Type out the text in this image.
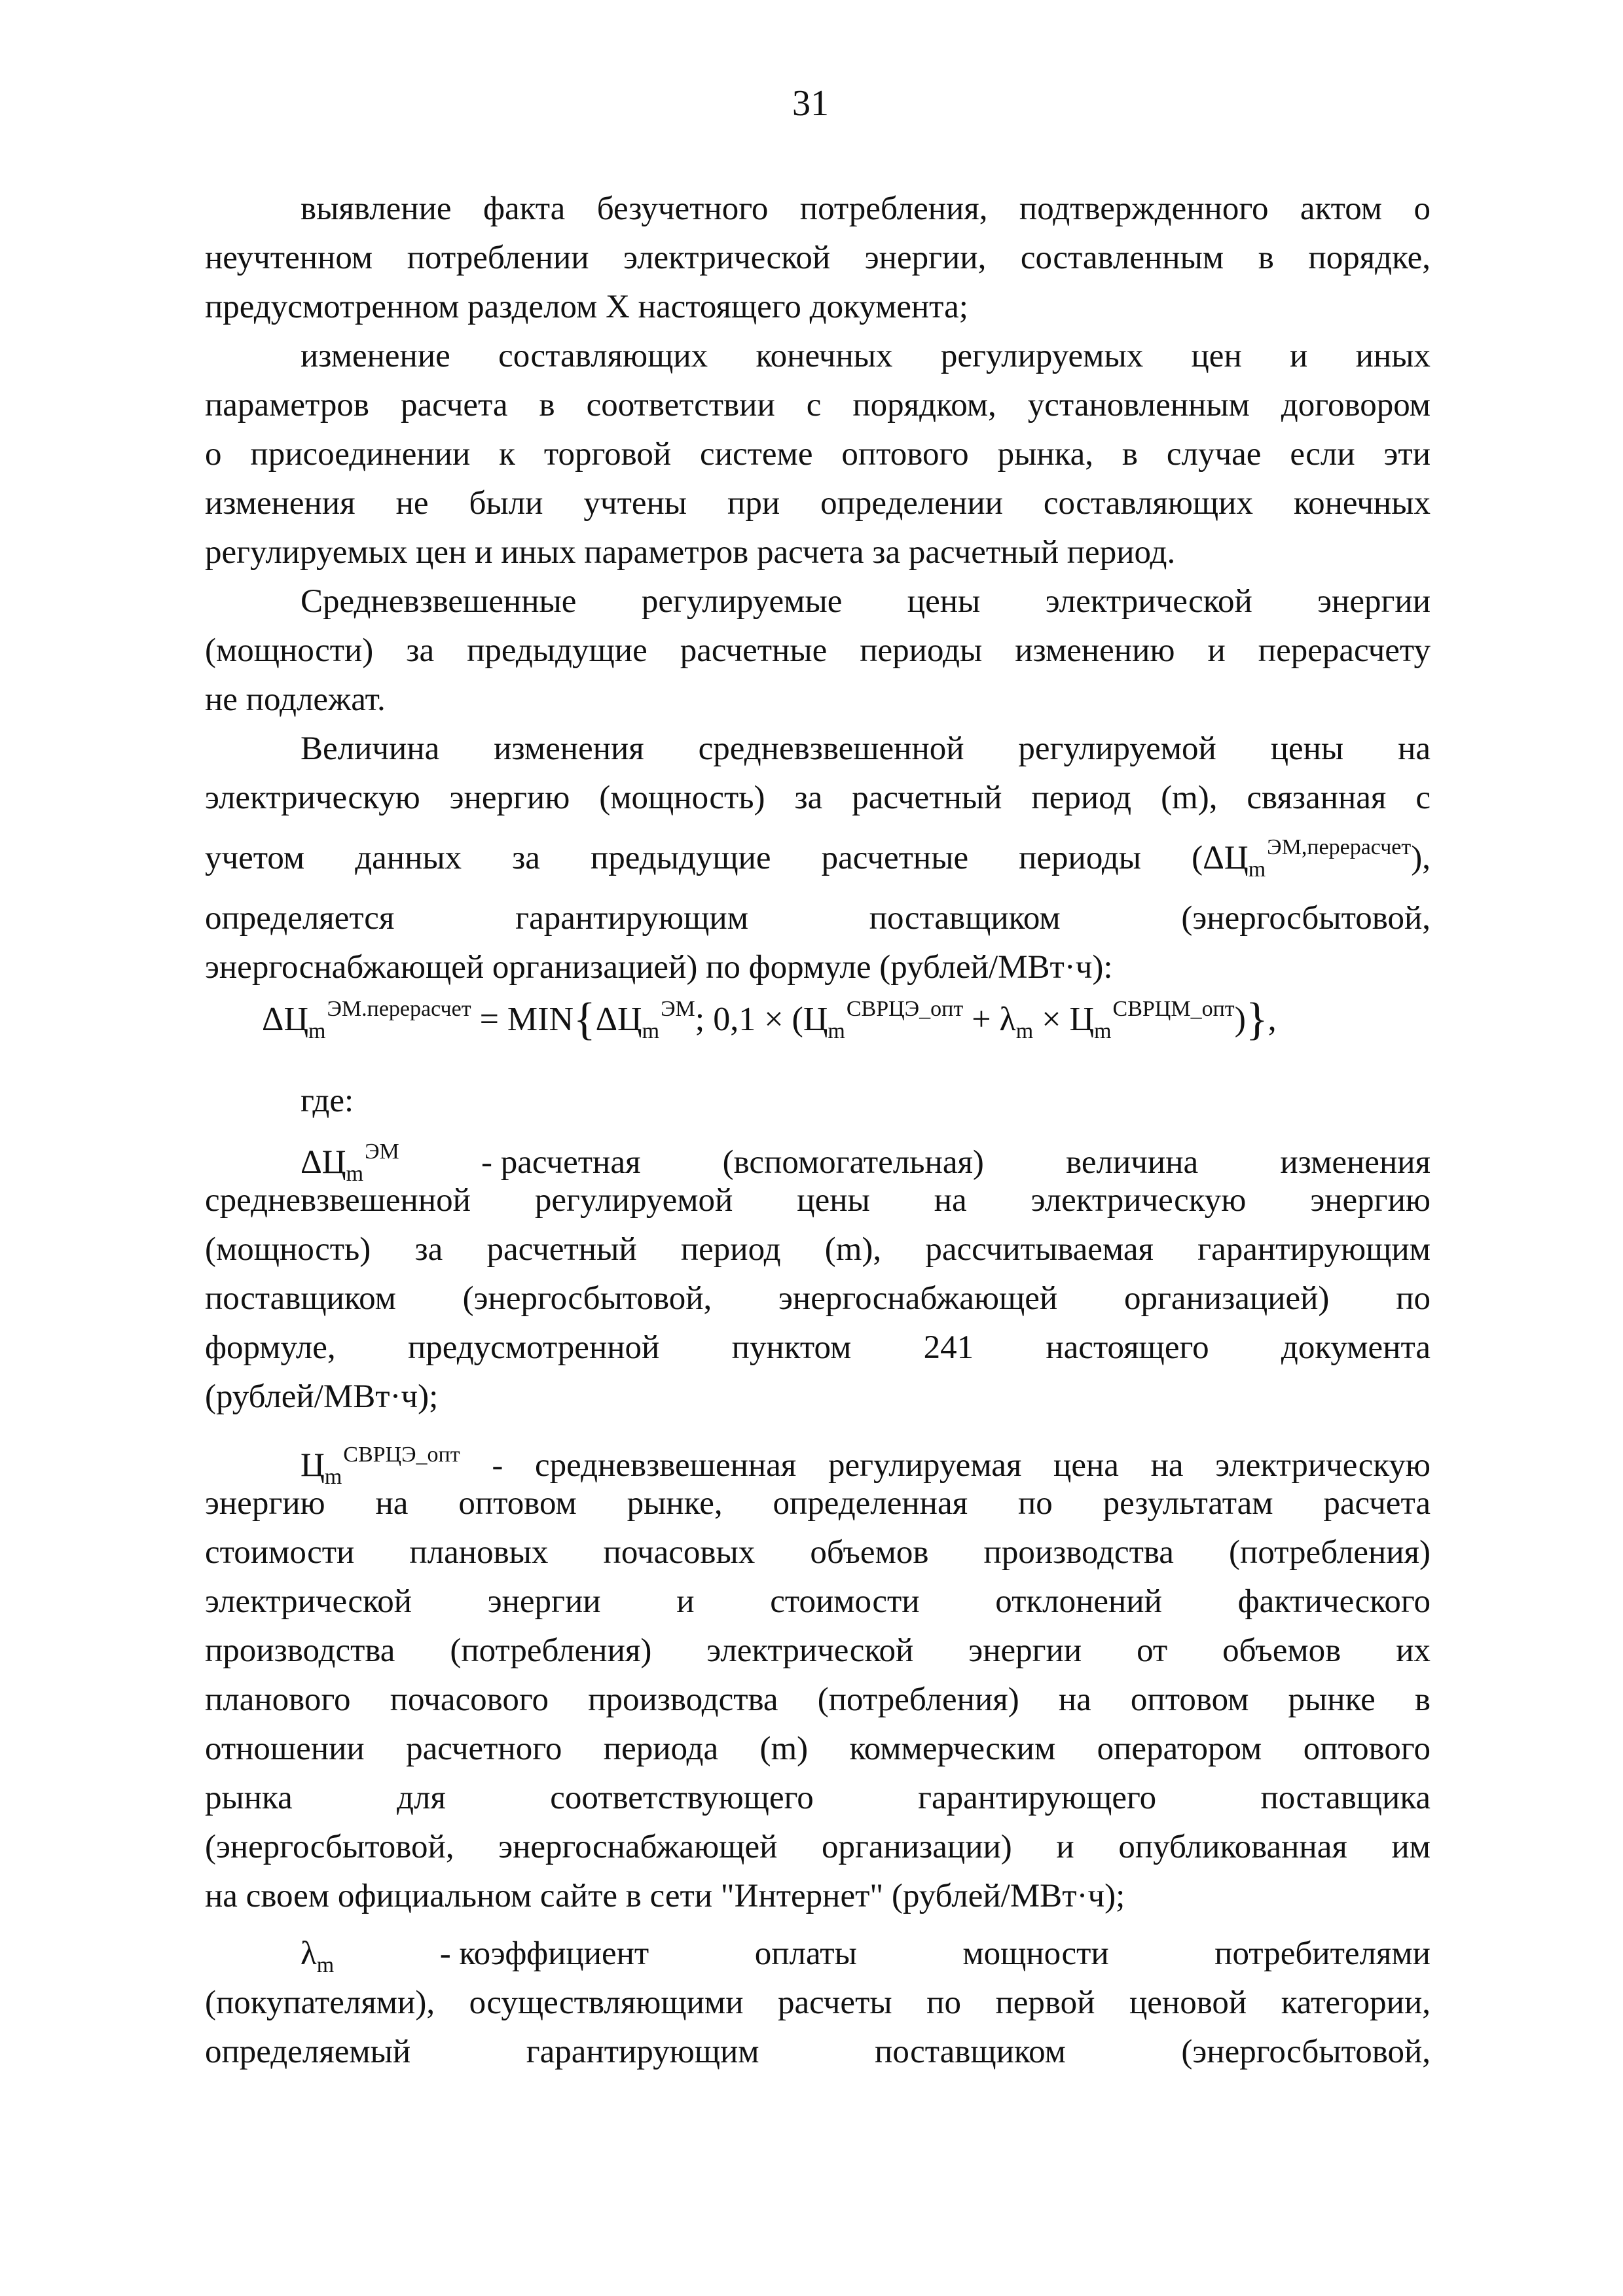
31
выявление факта безучетного потребления, подтвержденного актом о
неучтенном потреблении электрической энергии, составленным в порядке,
предусмотренном разделом X настоящего документа;
изменение составляющих конечных регулируемых цен и иных
параметров расчета в соответствии с порядком, установленным договором
о присоединении к торговой системе оптового рынка, в случае если эти
изменения не были учтены при определении составляющих конечных
регулируемых цен и иных параметров расчета за расчетный период.
Средневзвешенные регулируемые цены электрической энергии
(мощности) за предыдущие расчетные периоды изменению и перерасчету
не подлежат.
Величина изменения средневзвешенной регулируемой цены на
электрическую энергию (мощность) за расчетный период (m), связанная с
учетом данных за предыдущие расчетные периоды $(\Delta Ц_m^{ЭМ,перерасчет})$,
определяется гарантирующим поставщиком (энергосбытовой,
энергоснабжающей организацией) по формуле (рублей/МВт·ч):
$\Delta Ц_m^{ЭМ.перерасчет} = MIN\{\Delta Ц_m^{ЭМ}$; $0,1 \times (Ц_m^{СВРЦЭ\_опт} + \lambda_m \times Ц_m^{СВРЦМ\_опт})$},
где:
$\Delta Ц_m^{ЭМ}$ - расчетная (вспомогательная) величина изменения
средневзвешенной регулируемой цены на электрическую энергию
(мощность) за расчетный период (m), рассчитываемая гарантирующим
поставщиком (энергосбытовой, энергоснабжающей организацией) по
формуле, предусмотренной пунктом 241 настоящего документа
(рублей/МВт·ч);
$Ц_m^{СВРЦЭ\_опт}$ - средневзвешенная регулируемая цена на электрическую
энергию на оптовом рынке, определенная по результатам расчета
стоимости плановых почасовых объемов производства (потребления)
электрической энергии и стоимости отклонений фактического
производства (потребления) электрической энергии от объемов их
планового почасового производства (потребления) на оптовом рынке в
отношении расчетного периода (m) коммерческим оператором оптового
рынка для соответствующего гарантирующего поставщика
(энергосбытовой, энергоснабжающей организации) и опубликованная им
на своем официальном сайте в сети "Интернет" (рублей/МВт·ч);
$\lambda_m$	- коэффициент	оплаты	мощности	потребителями
(покупателями), осуществляющими расчеты по первой ценовой категории,
определяемый гарантирующим поставщиком (энергосбытовой,
